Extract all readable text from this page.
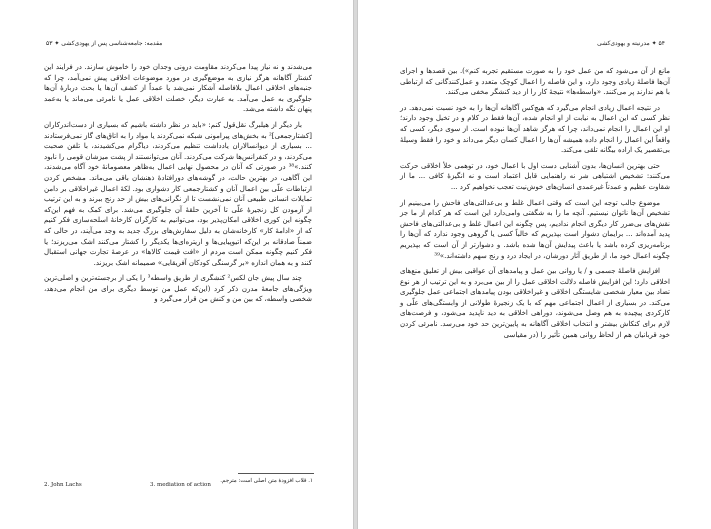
مقدمه: جامعه‌شناسی پس از یهودی‌کشی ✦ ۵۳

می‌شدند و نه نیاز پیدا می‌کردند مقاومت درونی وجدان خود را خاموش سازند. در فرایند این کشتار آگاهانه هرگز نیازی به موضع‌گیری در مورد موضوعات اخلاقی پیش نمی‌آمد، چرا که جنبه‌های اخلاقی اعمال بلافاصله آشکار نمی‌شد یا عمداً از کشف آن‌ها یا بحث دربارهٔ آن‌ها جلوگیری به عمل می‌آمد. به عبارت دیگر، خصلت اخلاقی عمل یا نامرئی می‌ماند یا به‌عمد پنهان نگه داشته می‌شد.

بار دیگر از هیلبرگ نقل‌قول کنم: «باید در نظر داشته باشیم که بسیاری از دست‌اندرکاران [کشتارجمعی]² به بخش‌های پیرامونی شبکه نمی‌کردند یا مواد را به اتاق‌های گاز نمی‌فرستادند ... بسیاری از دیوانسالاران یادداشت تنظیم می‌کردند، دیاگرام می‌کشیدند، با تلفن صحبت می‌کردند، و در کنفرانس‌ها شرکت می‌کردند. آنان می‌توانستند از پشت میزشان قومی را نابود کنند.»³⁸ در صورتی که آنان در محصول نهایی اعمال به‌ظاهر معصومانهٔ خود آگاه می‌شدند، این آگاهی، در بهترین حالت، در گوشه‌های دورافتادهٔ ذهنشان باقی می‌ماند. مشخص کردن ارتباطات علّی بین اعمال آنان و کشتارجمعی کار دشواری بود. لکهٔ اعمال غیراخلاقی بر دامن تمایلات انسانی طبیعی آنان نمی‌نشست تا از نگرانی‌های بیش از حد رنج ببرند و به این ترتیب از آزمودن کل زنجیرهٔ علّی تا آخرین حلقهٔ آن جلوگیری می‌شد. برای کمک به فهم این‌که چگونه این کوری اخلاقی امکان‌پذیر بود، می‌توانیم به کارگران کارخانهٔ اسلحه‌سازی فکر کنیم که از «ادامهٔ کار» کارخانه‌شان به دلیل سفارش‌های بزرگ جدید به وجد می‌آیند، در حالی که ضمناً صادقانه بر این‌که اتیوپیایی‌ها و اریتره‌ای‌ها یکدیگر را کشتار می‌کنند اشک می‌ریزند؛ یا فکر کنیم چگونه ممکن است مردم از «افت قیمت کالاها» در عرصهٔ تجارت جهانی استقبال کنند و به همان اندازه «بر گرسنگی کودکان آفریقایی» صمیمانه اشک بریزند.

چند سال پیش جان لکس² کنشگری از طریق واسطه³ را یکی از برجسته‌ترین و اصلی‌ترین ویژگی‌های جامعهٔ مدرن ذکر کرد (این‌که عمل من توسط دیگری برای من انجام می‌دهد، شخصی واسطه، که بین من و کنش من قرار می‌گیرد و

۱. قلاب افزودهٔ متن اصلی است: مترجم.
2. John Lachs	3. mediation of action
۵۴ ✦ مدرنیته و یهودی‌کشی

مانع از آن می‌شود که من عمل خود را به صورت مستقیم تجربه کنم»). بین قصدها و اجرای آن‌ها فاصلهٔ زیادی وجود دارد، و این فاصله را اعمال کوچک متعدد و عمل‌کنندگانی که ارتباطی با هم ندارند پر می‌کنند. «واسطه‌ها» نتیجهٔ کار را از دید کنشگر مخفی می‌کنند.

در نتیجه اعمال زیادی انجام می‌گیرد که هیچ‌کس آگاهانه آن‌ها را به خود نسبت نمی‌دهد. در نظر کسی که این اعمال به نیابت از او انجام شده، آن‌ها فقط در کلام و در تخیل وجود دارند؛ او این اعمال را انجام نمی‌داند، چرا که هرگز شاهد آن‌ها نبوده است. از سوی دیگر، کسی که واقعاً این اعمال را انجام داده همیشه آن‌ها را اعمال کسان دیگر می‌داند و خود را فقط وسیلهٔ بی‌تقصیر یک اراده بیگانه تلقی می‌کند.

حتی بهترین انسان‌ها، بدون آشنایی دست اول با اعمال خود، در توهمی خلأ اخلاقی حرکت می‌کنند: تشخیص اشتباهی شر نه راهنمایی قابل اعتماد است و نه انگیزهٔ کافی ... ما از شقاوت عظیم و عمدتاً غیرعمدی انسان‌های خوش‌نیت تعجب نخواهیم کرد ...

موضوع جالب توجه این است که وقتی اعمال غلط و بی‌عدالتی‌های فاحش را می‌بینیم از تشخیص آن‌ها ناتوان نیستیم. آنچه ما را به شگفتی وامی‌دارد این است که هر کدام از ما جز نقش‌های بی‌ضرر کار دیگری انجام ندادیم، پس چگونه این اعمال غلط و بی‌عدالتی‌های فاحش پدید آمده‌اند ... برایمان دشوار است بپذیریم که خالباً کسی یا گروهی وجود ندارد که آن‌ها را برنامه‌ریزی کرده باشد یا باعث پیدایش آن‌ها شده باشد. و دشوارتر از آن است که بپذیریم چگونه اعمال خود ما، از طریق آثار دورشان، در ایجاد درد و رنج سهم داشته‌اند.»³⁹

افزایش فاصلهٔ جسمی و / یا روانی بین عمل و پیامدهای آن عواقبی بیش از تعلیق منع‌های اخلاقی دارد؛ این افزایش فاصله دلالت اخلاقی عمل را از بین می‌برد و به این ترتیب از هر نوع تضاد بین معیار شخصی شایستگی اخلاقی و غیراخلاقی بودن پیامدهای اجتماعی عمل جلوگیری می‌کند. در بسیاری از اعمال اجتماعی مهم که با یک زنجیرهٔ طولانی از وابستگی‌های علّی و کارکردی پیچیده به هم وصل می‌شوند، دوراهی اخلاقی به دید ناپدید می‌شود، و فرصت‌های لازم برای کنکاش بیشتر و انتخاب اخلاقی آگاهانه به پایین‌ترین حد خود می‌رسد. نامرئی کردن خود قربانیان هم از لحاظ روانی همین تأثیر را (در مقیاسی
